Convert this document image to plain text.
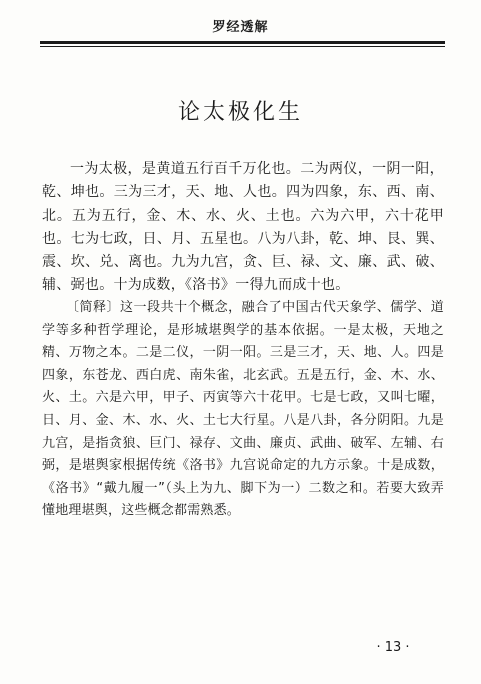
罗经透解
论太极化生

一为太极，是黄道五行百千万化也。二为两仪，一阴一阳，乾、坤也。三为三才，天、地、人也。四为四象，东、西、南、北。五为五行，金、木、水、火、土也。六为六甲，六十花甲也。七为七政，日、月、五星也。八为八卦，乾、坤、艮、巽、震、坎、兑、离也。九为九宫，贪、巨、禄、文、廉、武、破、辅、弼也。十为成数，《洛书》一得九而成十也。

〔简释〕这一段共十个概念，融合了中国古代天象学、儒学、道学等多种哲学理论，是形城堪舆学的基本依据。一是太极，天地之精、万物之本。二是二仪，一阴一阳。三是三才，天、地、人。四是四象，东苍龙、西白虎、南朱雀，北玄武。五是五行，金、木、水、火、土。六是六甲，甲子、丙寅等六十花甲。七是七政，又叫七曜，日、月、金、木、水、火、土七大行星。八是八卦，各分阴阳。九是九宫，是指贪狼、巨门、禄存、文曲、廉贞、武曲、破军、左辅、右弼，是堪舆家根据传统《洛书》九宫说命定的九方示象。十是成数，《洛书》“戴九履一”（头上为九、脚下为一）二数之和。若要大致弄懂地理堪舆，这些概念都需熟悉。

· 13 ·
